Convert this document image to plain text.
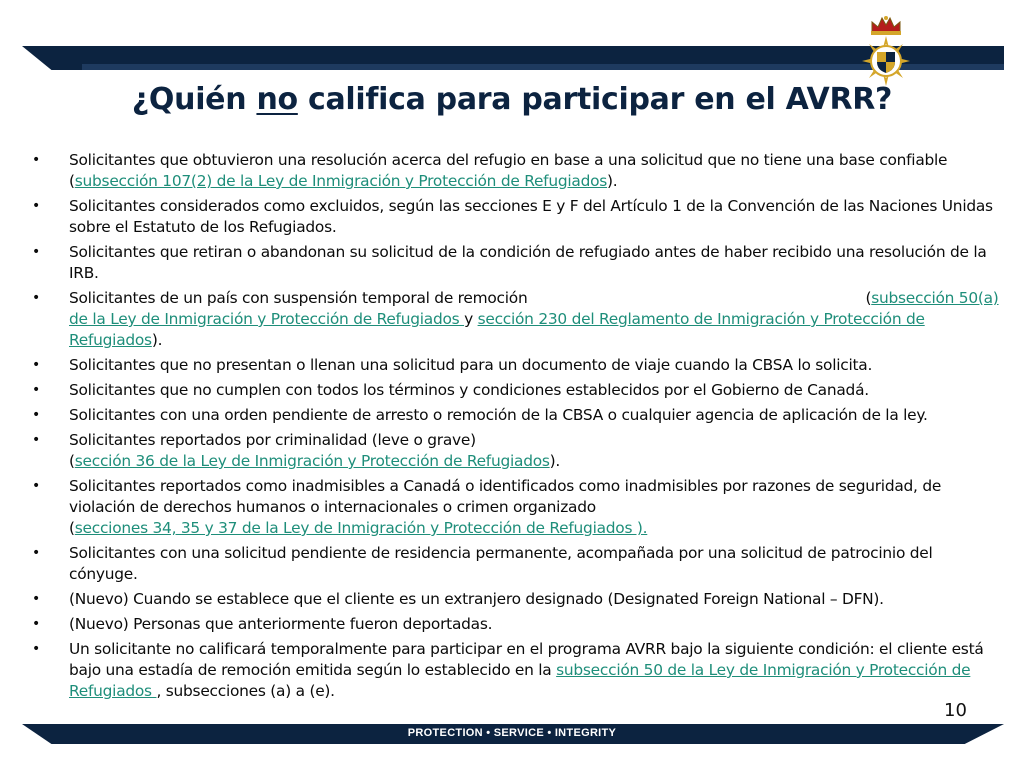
¿Quién no califica para participar en el AVRR?
• Solicitantes que obtuvieron una resolución acerca del refugio en base a una solicitud que no tiene una base confiable (subsección 107(2) de la Ley de Inmigración y Protección de Refugiados).
• Solicitantes considerados como excluidos, según las secciones E y F del Artículo 1 de la Convención de las Naciones Unidas sobre el Estatuto de los Refugiados.
• Solicitantes que retiran o abandonan su solicitud de la condición de refugiado antes de haber recibido una resolución de la IRB.
• Solicitantes de un país con suspensión temporal de remoción	(subsección 50(a) de la Ley de Inmigración y Protección de Refugiados y sección 230 del Reglamento de Inmigración y Protección de Refugiados).
• Solicitantes que no presentan o llenan una solicitud para un documento de viaje cuando la CBSA lo solicita.
• Solicitantes que no cumplen con todos los términos y condiciones establecidos por el Gobierno de Canadá.
• Solicitantes con una orden pendiente de arresto o remoción de la CBSA o cualquier agencia de aplicación de la ley.
• Solicitantes reportados por criminalidad (leve o grave)
(sección 36 de la Ley de Inmigración y Protección de Refugiados).
• Solicitantes reportados como inadmisibles a Canadá o identificados como inadmisibles por razones de seguridad, de violación de derechos humanos o internacionales o crimen organizado
(secciones 34, 35 y 37 de la Ley de Inmigración y Protección de Refugiados ).
• Solicitantes con una solicitud pendiente de residencia permanente, acompañada por una solicitud de patrocinio del cónyuge.
• (Nuevo) Cuando se establece que el cliente es un extranjero designado (Designated Foreign National – DFN).
• (Nuevo) Personas que anteriormente fueron deportadas.
• Un solicitante no calificará temporalmente para participar en el programa AVRR bajo la siguiente condición: el cliente está bajo una estadía de remoción emitida según lo establecido en la subsección 50 de la Ley de Inmigración y Protección de Refugiados , subsecciones (a) a (e).
10
PROTECTION • SERVICE • INTEGRITY
